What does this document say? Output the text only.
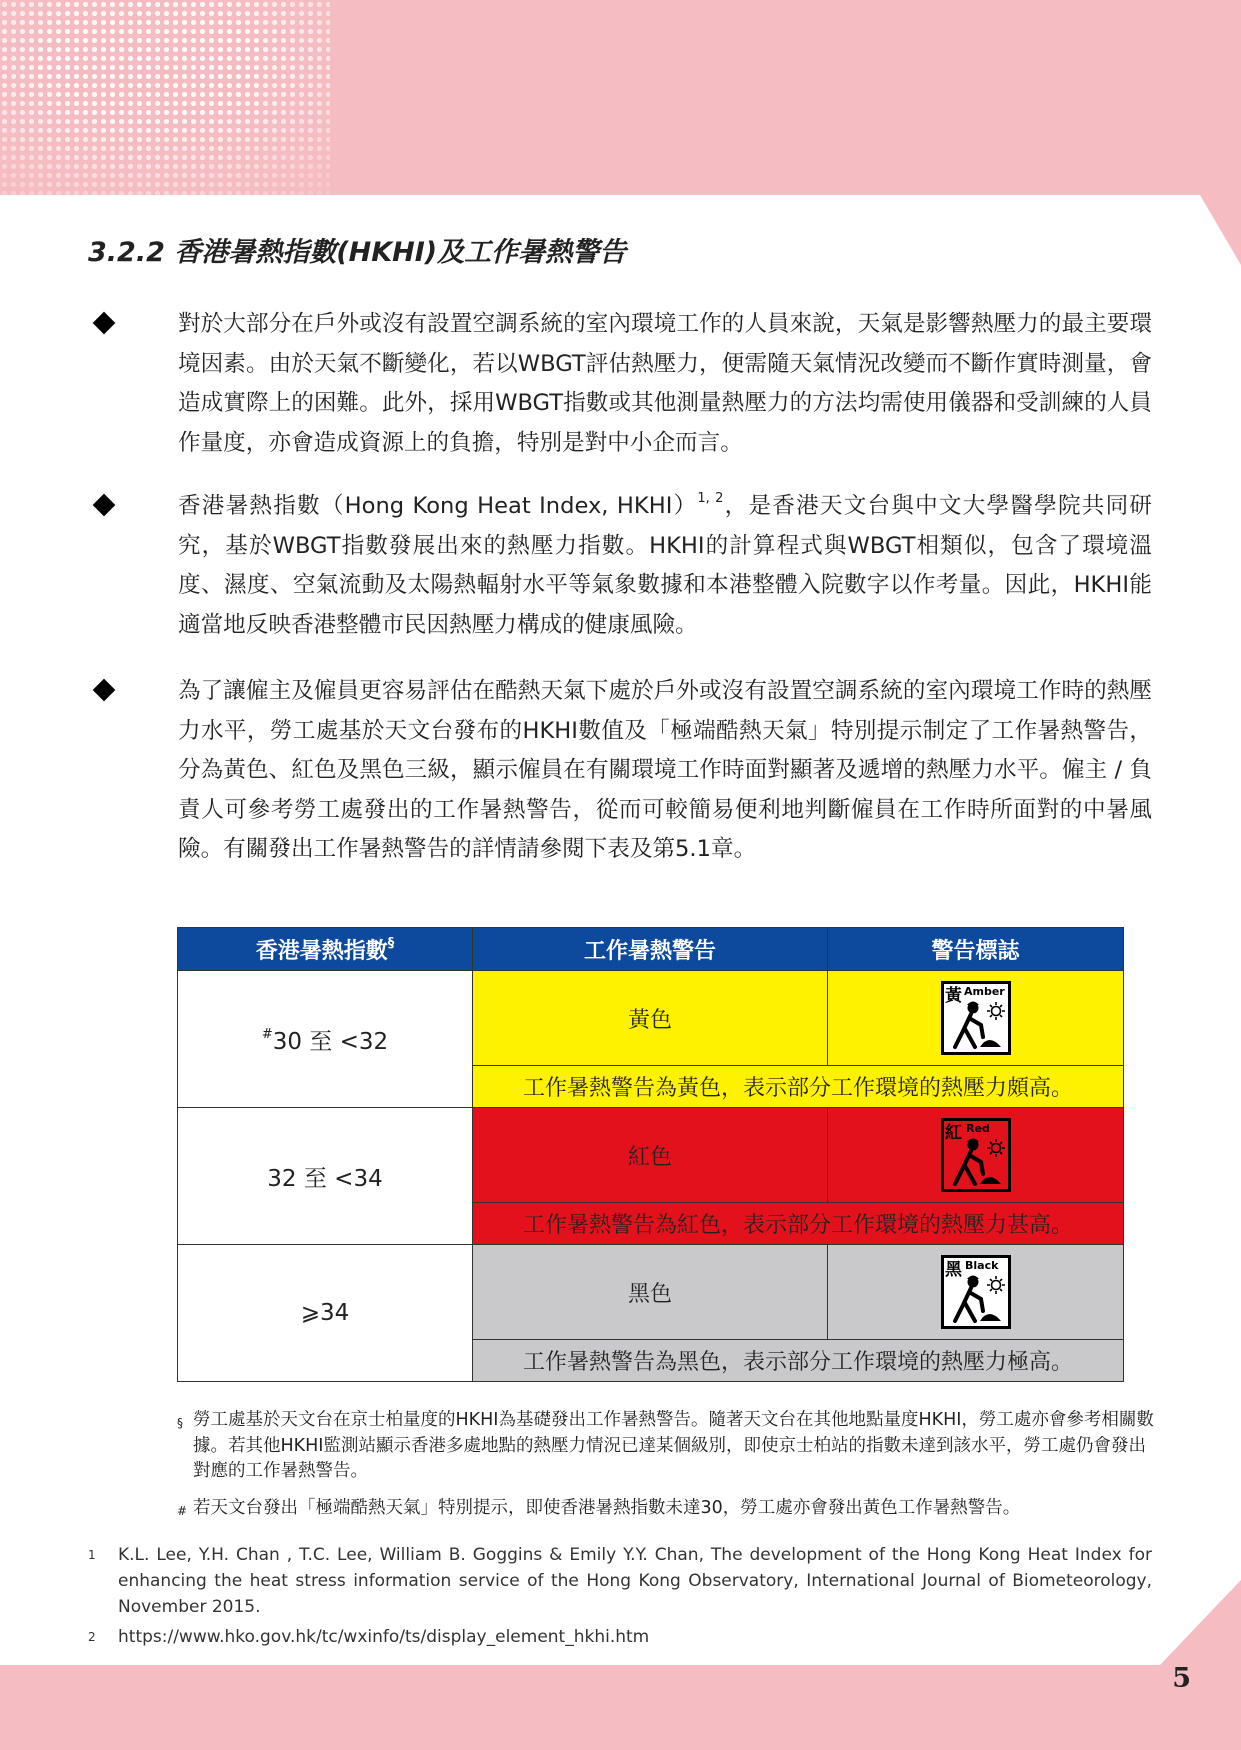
3.2.2 香港暑熱指數(HKHI)及工作暑熱警告

對於大部分在戶外或沒有設置空調系統的室內環境工作的人員來說，天氣是影響熱壓力的最主要環境因素。由於天氣不斷變化，若以WBGT評估熱壓力，便需隨天氣情況改變而不斷作實時測量，會造成實際上的困難。此外，採用WBGT指數或其他測量熱壓力的方法均需使用儀器和受訓練的人員作量度，亦會造成資源上的負擔，特別是對中小企而言。

香港暑熱指數（Hong Kong Heat Index, HKHI）$^{1, 2}$，是香港天文台與中文大學醫學院共同研究，基於WBGT指數發展出來的熱壓力指數。HKHI的計算程式與WBGT相類似，包含了環境溫度、濕度、空氣流動及太陽熱輻射水平等氣象數據和本港整體入院數字以作考量。因此，HKHI能適當地反映香港整體市民因熱壓力構成的健康風險。

為了讓僱主及僱員更容易評估在酷熱天氣下處於戶外或沒有設置空調系統的室內環境工作時的熱壓力水平，勞工處基於天文台發布的HKHI數值及「極端酷熱天氣」特別提示制定了工作暑熱警告，分為黃色、紅色及黑色三級，顯示僱員在有關環境工作時面對顯著及遞增的熱壓力水平。僱主 / 負責人可參考勞工處發出的工作暑熱警告，從而可較簡易便利地判斷僱員在工作時所面對的中暑風險。有關發出工作暑熱警告的詳情請參閱下表及第5.1章。

香港暑熱指數§	工作暑熱警告	警告標誌
#30 至 <32	黃色	黃 Amber

	工作暑熱警告為黃色，表示部分工作環境的熱壓力頗高。	
32 至 <34	紅色	紅 Red

	工作暑熱警告為紅色，表示部分工作環境的熱壓力甚高。	
⩾34	黑色	黑 Black

	工作暑熱警告為黑色，表示部分工作環境的熱壓力極高。	
§ 勞工處基於天文台在京士柏量度的HKHI為基礎發出工作暑熱警告。隨著天文台在其他地點量度HKHI，勞工處亦會參考相關數據。若其他HKHI監測站顯示香港多處地點的熱壓力情況已達某個級別，即使京士柏站的指數未達到該水平，勞工處仍會發出對應的工作暑熱警告。

# 若天文台發出「極端酷熱天氣」特別提示，即使香港暑熱指數未達30，勞工處亦會發出黃色工作暑熱警告。

1 K.L. Lee, Y.H. Chan , T.C. Lee, William B. Goggins & Emily Y.Y. Chan, The development of the Hong Kong Heat Index for enhancing the heat stress information service of the Hong Kong Observatory, International Journal of Biometeorology, November 2015.

2 https://www.hko.gov.hk/tc/wxinfo/ts/display_element_hkhi.htm

5
